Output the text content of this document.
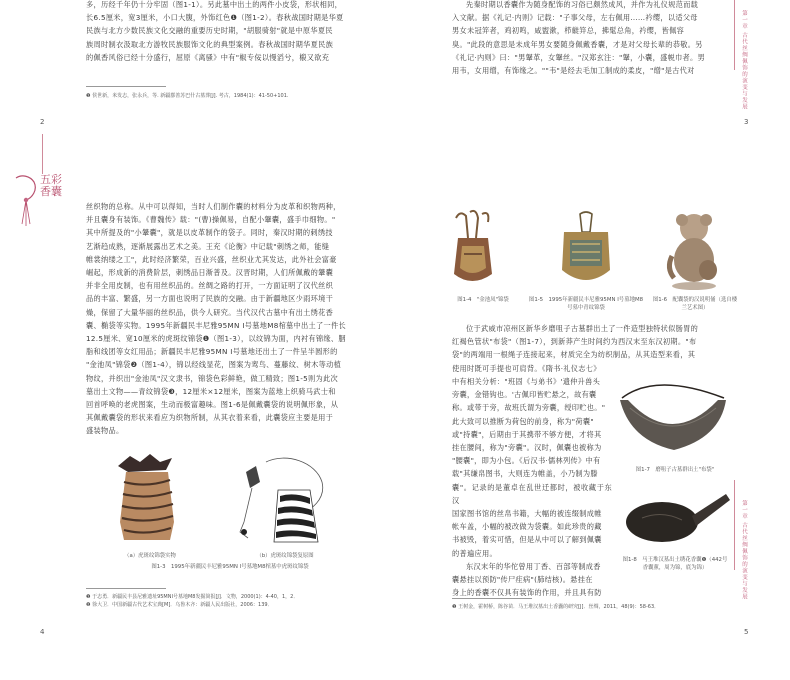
多，历经千年仍十分牢固（图1-1）。另此墓中出土的两件小皮袋，形状相同，
长6.5厘米，宽3厘米，小口大腹，外饰红色❶（图1-2）。春秋战国时期是华夏
民族与北方少数民族文化交融的重要历史时期，"胡服骑射"就是中原华夏民
族周时制衣汲取北方游牧民族服饰文化的典型案例。春秋战国时期华夏民族
的佩香风俗已经十分盛行，屈原《离骚》中有"椒专佞以慢滔兮，榝又欲充
❶ 侯世新，米发志，张永兵，等. 新疆鄯善苏巴什古墓葬[J]. 考古，1984(1)：41-50+101.
2
五彩香囊
先秦时期以香囊作为随身配饰的习俗已颇然成风，并作为礼仪规范而载
入文献。据《礼记·内则》记载："子事父母，左右佩用……衿缨，以适父母
男女未冠笄者，鸡初鸣，咸盥漱，栉縰笄总，拂髦总角，衿缨，皆佩容
臭。"此段的意思是未成年男女要随身佩戴香囊，才是对父母长辈的恭敬。另
《礼记·内则》曰："男鞶革，女鞶丝。"汉郑玄注："鞶，小囊，盛帨巾者。男
用韦，女用缯，有饰缘之。""韦"是经去毛加工制成的柔皮，"缯"是古代对
3
第一章 古代丝绸佩饰的演变与发展
第一章 古代丝绸佩饰的演变与发展
丝织物的总称。从中可以得知，当时人们制作囊的材料分为皮革和织物两种，
并且囊身有装饰。《曹魏传》载："(曹)操佩易，自配小鞶囊，盛手巾细物。"
其中所提及的"小鞶囊"，就是以皮革制作的袋子。同时，秦汉时期的刺绣技
艺渐趋成熟，逐渐展露出艺术之美。王充《论衡》中记载"刺绣之师，能缝
帷裳纳缕之工"，此时经济繁荣，百业兴盛，丝织业尤其发达，此外社会富豪
崛起，形成新的消费阶层，刺绣品日渐普及。汉晋时期，人们所佩戴的鞶囊
并非全用皮制，也有用丝织品的。丝绸之路的打开，一方面证明了汉代丝织
品的丰富、繁盛，另一方面也说明了民族的交融。由于新疆地区少雨环境干
燥，保留了大量华丽的丝织品，供今人研究。当代汉代古墓中有出土绣花香
囊、椭袋等实物。1995年新疆民丰尼雅95MN Ⅰ号墓地M8棺墓中出土了一件长
12.5厘米、宽10厘米的虎斑纹锦袋❶（图1-3），以纹锦为面，内衬有锦缘、胭
脂和线团等女红用品；新疆民丰尼雅95MN Ⅰ号墓地还出土了一件呈半圆形的
"金池凤"锦袋❷（图1-4），锦以经线显花，图案为鸾鸟、蔓藤纹、树木等动植
物纹，并织出"金池凤"汉文隶书，锦袋色彩鲜艳，做工精致；图1-5则为此次
墓出土文物——青纹锦袋❸，12厘米×12厘米，图案为蓝地上织骑马武士和
回首呼唤的老虎图案，生动而极富趣味。图1-6是佩戴囊袋的说明佩形象，从
其佩戴囊袋的形状来看应为织物所制，从其衣着来看，此囊袋应主要是用于
盛装物品。
（a）虎斑纹锦袋实物	（b）虎斑纹锦袋复原图
图1-3　1995年新疆民丰尼雅95MN Ⅰ号墓地M8棺墓中虎斑纹锦袋
❶ 于志勇．新疆民丰县尼雅遗址95MNⅠ号墓地M8发掘简报[J]．文物，2000(1)：4-40，1，2．
❷ 徐大卫．中国新疆古代艺术宝典[M]．乌鲁木齐：新疆人民出版社，2006：139．
4
图1-4　"金池凤"锦袋	图1-5　1995年新疆民丰尼雅95MN Ⅰ号墓地M8号墓中青纹锦袋
图1-6　配囊袋的汉说明俑（选自楼兰艺术图）
位于武威市凉州区新华乡磨咀子古墓群出土了一件造型独特状似肠胃的
红褐色管状"布袋"（图1-7），到新莽产生时间约为西汉末至东汉初期。"布
袋"的两端用一根绳子连接起来，材质完全为纺织制品，从其造型来看，其
使用时既可手提也可肩背。《隋书·礼仪志七》
中有相关分析："班固《与弟书》'遗仲升兽头
旁囊，金错钩也。'古佩印皆贮悬之，故有囊
称。或带于旁，故班氏谓为旁囊，绶印贮也。"
此大致可以推断为荷包的前身，称为"荷囊"
或"持囊"，后期由于其携带不够方便，才将其
挂在腰间，称为"旁囊"。汉时，佩囊也被称为
"腰囊"，即为小包。《后汉书·儒林列传》中有
载"其缣帛图书，大则连为帷盖，小乃制为滕
囊"。记录的是董卓在乱世迁都时，被收藏于东汉
国家图书馆的丝帛书籍，大幅的被连缀制成帷
帐车盖，小幅的被改做为袋囊。如此珍贵的藏
书被毁，着实可惜，但是从中可以了解到佩囊
的普遍应用。
东汉末年的华佗曾用丁香、百部等制成香
囊悬挂以预防"传尸疰病"(肺结核)。悬挂在
身上的香囊不仅具有装饰的作用，并且具有防
图1-7　磨咀子古墓群出土"布袋"
图1-8　马王堆汉墓出土绣花香囊❶（442号香囊薰，周为锦，底为锦）
❶ 王树金，霍树桥，陈谷苗．马王堆汉墓出土香囊的研究[J]．丝绸，2011，48(9)：58-63．
5
